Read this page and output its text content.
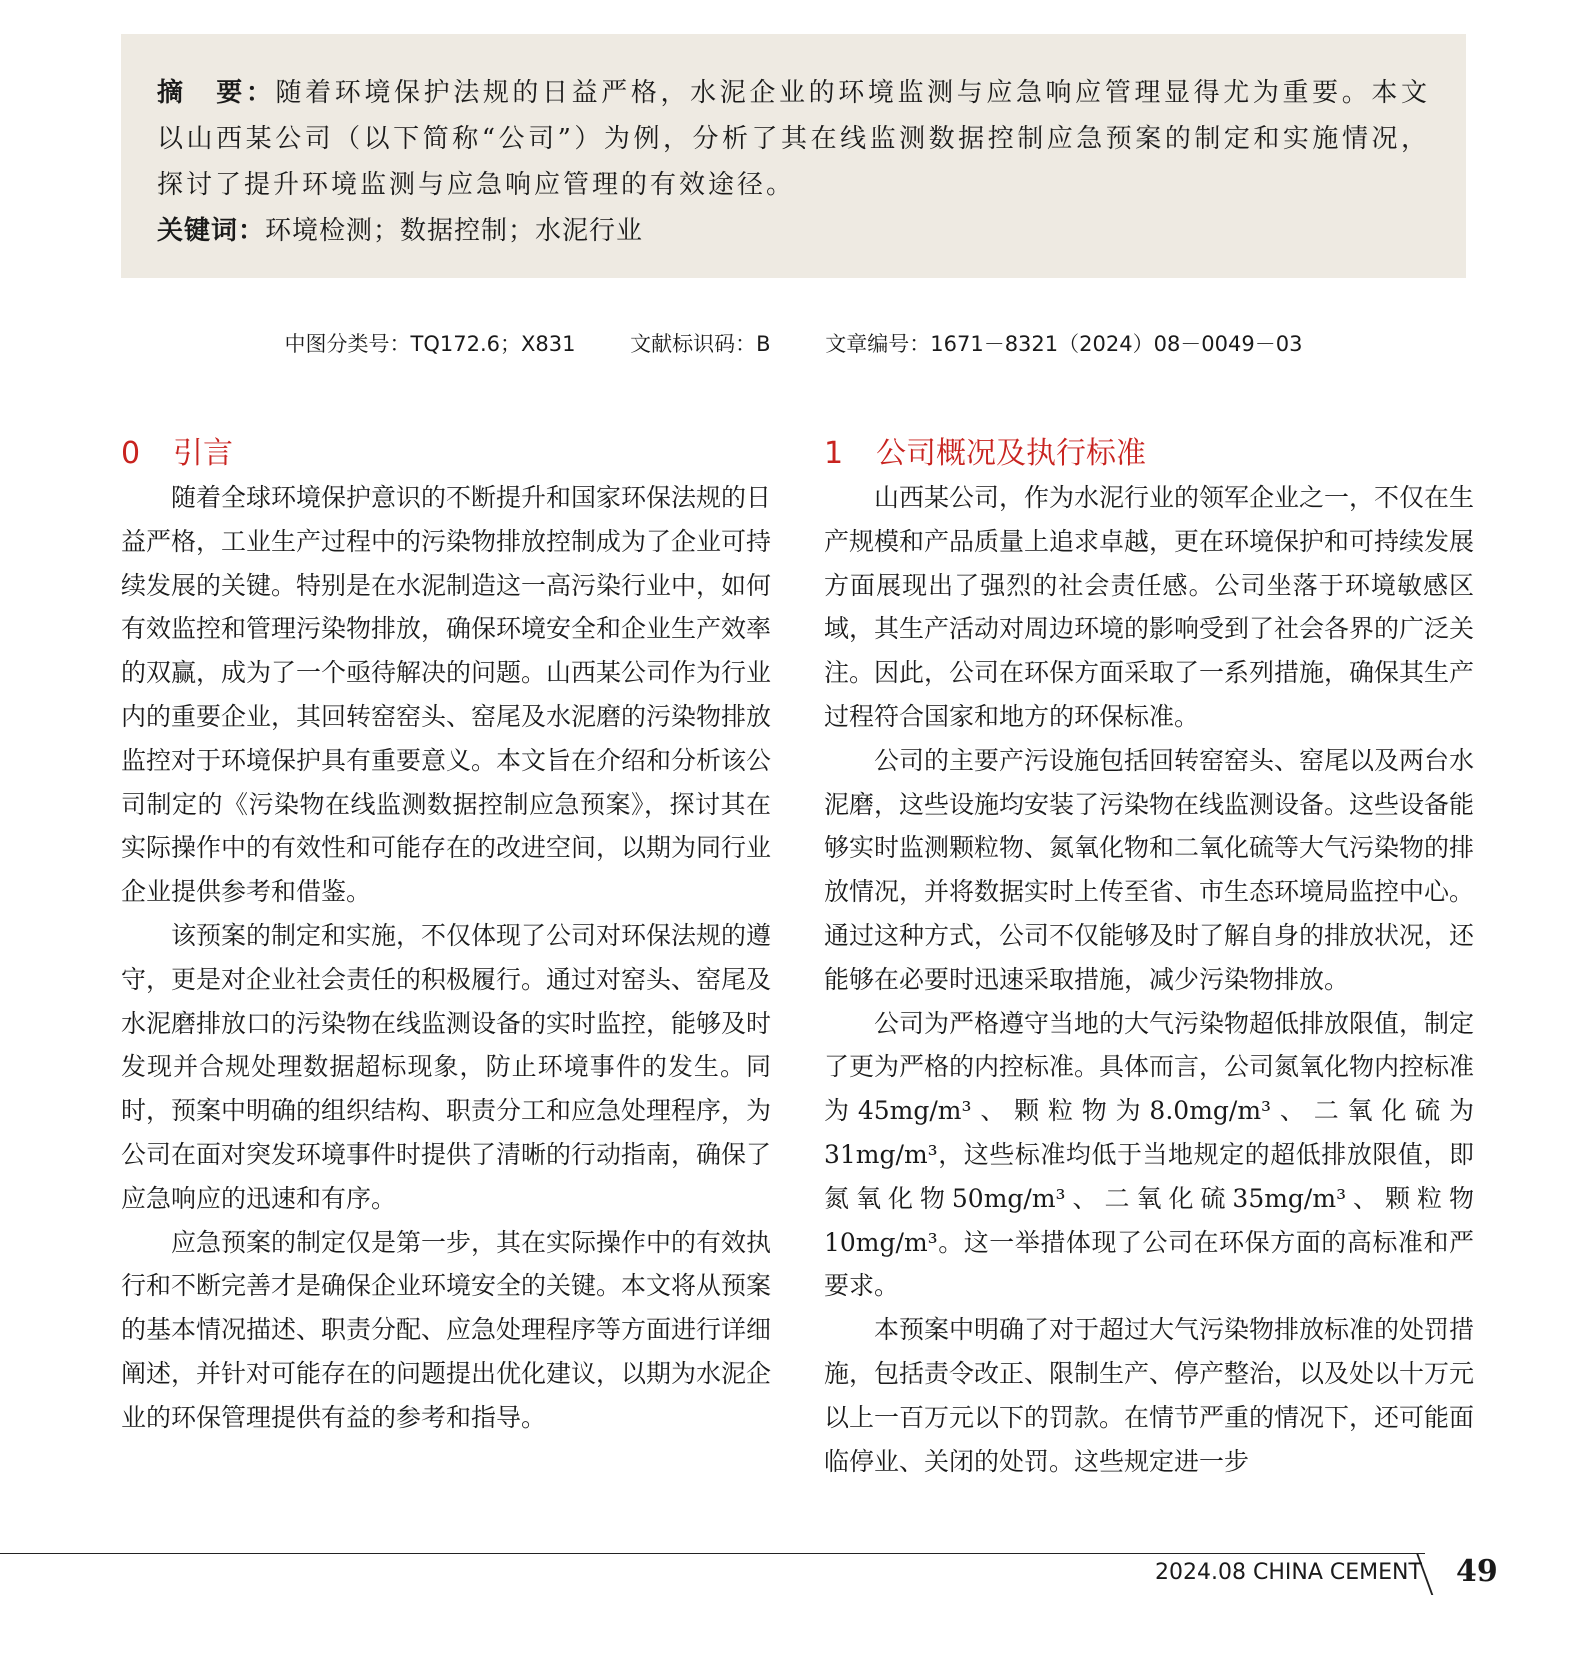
摘　要：随着环境保护法规的日益严格，水泥企业的环境监测与应急响应管理显得尤为重要。本文以山西某公司（以下简称“公司”）为例，分析了其在线监测数据控制应急预案的制定和实施情况，探讨了提升环境监测与应急响应管理的有效途径。
关键词：环境检测；数据控制；水泥行业
中图分类号：TQ172.6；X831	文献标识码：B	文章编号：1671－8321（2024）08－0049－03
0 引言

随着全球环境保护意识的不断提升和国家环保法规的日益严格，工业生产过程中的污染物排放控制成为了企业可持续发展的关键。特别是在水泥制造这一高污染行业中，如何有效监控和管理污染物排放，确保环境安全和企业生产效率的双赢，成为了一个亟待解决的问题。山西某公司作为行业内的重要企业，其回转窑窑头、窑尾及水泥磨的污染物排放监控对于环境保护具有重要意义。本文旨在介绍和分析该公司制定的《污染物在线监测数据控制应急预案》，探讨其在实际操作中的有效性和可能存在的改进空间，以期为同行业企业提供参考和借鉴。

该预案的制定和实施，不仅体现了公司对环保法规的遵守，更是对企业社会责任的积极履行。通过对窑头、窑尾及水泥磨排放口的污染物在线监测设备的实时监控，能够及时发现并合规处理数据超标现象，防止环境事件的发生。同时，预案中明确的组织结构、职责分工和应急处理程序，为公司在面对突发环境事件时提供了清晰的行动指南，确保了应急响应的迅速和有序。

应急预案的制定仅是第一步，其在实际操作中的有效执行和不断完善才是确保企业环境安全的关键。本文将从预案的基本情况描述、职责分配、应急处理程序等方面进行详细阐述，并针对可能存在的问题提出优化建议，以期为水泥企业的环保管理提供有益的参考和指导。

1 公司概况及执行标准

山西某公司，作为水泥行业的领军企业之一，不仅在生产规模和产品质量上追求卓越，更在环境保护和可持续发展方面展现出了强烈的社会责任感。公司坐落于环境敏感区域，其生产活动对周边环境的影响受到了社会各界的广泛关注。因此，公司在环保方面采取了一系列措施，确保其生产过程符合国家和地方的环保标准。

公司的主要产污设施包括回转窑窑头、窑尾以及两台水泥磨，这些设施均安装了污染物在线监测设备。这些设备能够实时监测颗粒物、氮氧化物和二氧化硫等大气污染物的排放情况，并将数据实时上传至省、市生态环境局监控中心。通过这种方式，公司不仅能够及时了解自身的排放状况，还能够在必要时迅速采取措施，减少污染物排放。

公司为严格遵守当地的大气污染物超低排放限值，制定了更为严格的内控标准。具体而言，公司氮氧化物内控标准为45mg/m³、颗粒物为8.0mg/m³、二氧化硫为31mg/m³，这些标准均低于当地规定的超低排放限值，即氮氧化物50mg/m³、二氧化硫35mg/m³、颗粒物10mg/m³。这一举措体现了公司在环保方面的高标准和严要求。

本预案中明确了对于超过大气污染物排放标准的处罚措施，包括责令改正、限制生产、停产整治，以及处以十万元以上一百万元以下的罚款。在情节严重的情况下，还可能面临停业、关闭的处罚。这些规定进一步

2024.08 CHINA CEMENT 49
